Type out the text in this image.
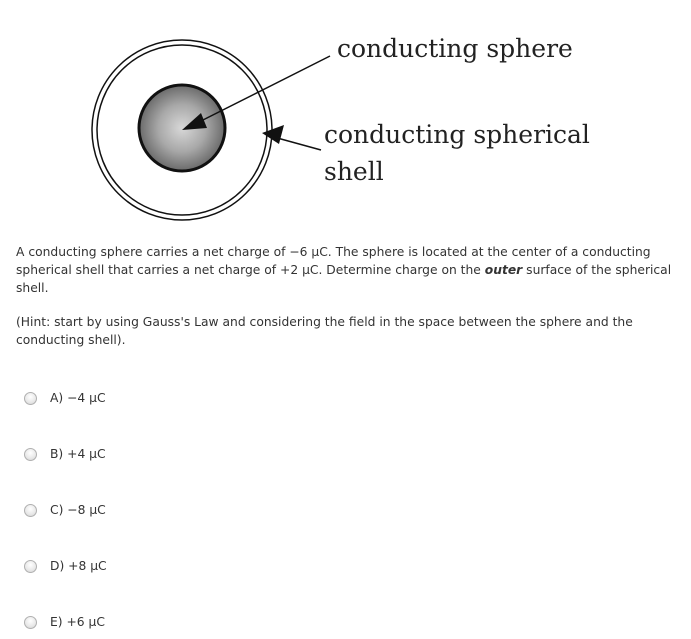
conducting sphere
conducting spherical
shell

A conducting sphere carries a net charge of −6 μC. The sphere is located at the center of a conducting spherical shell that carries a net charge of +2 μC. Determine charge on the outer surface of the spherical shell.

(Hint: start by using Gauss's Law and considering the field in the space between the sphere and the conducting shell).

A) −4 μC
B) +4 μC
C) −8 μC
D) +8 μC
E) +6 μC
